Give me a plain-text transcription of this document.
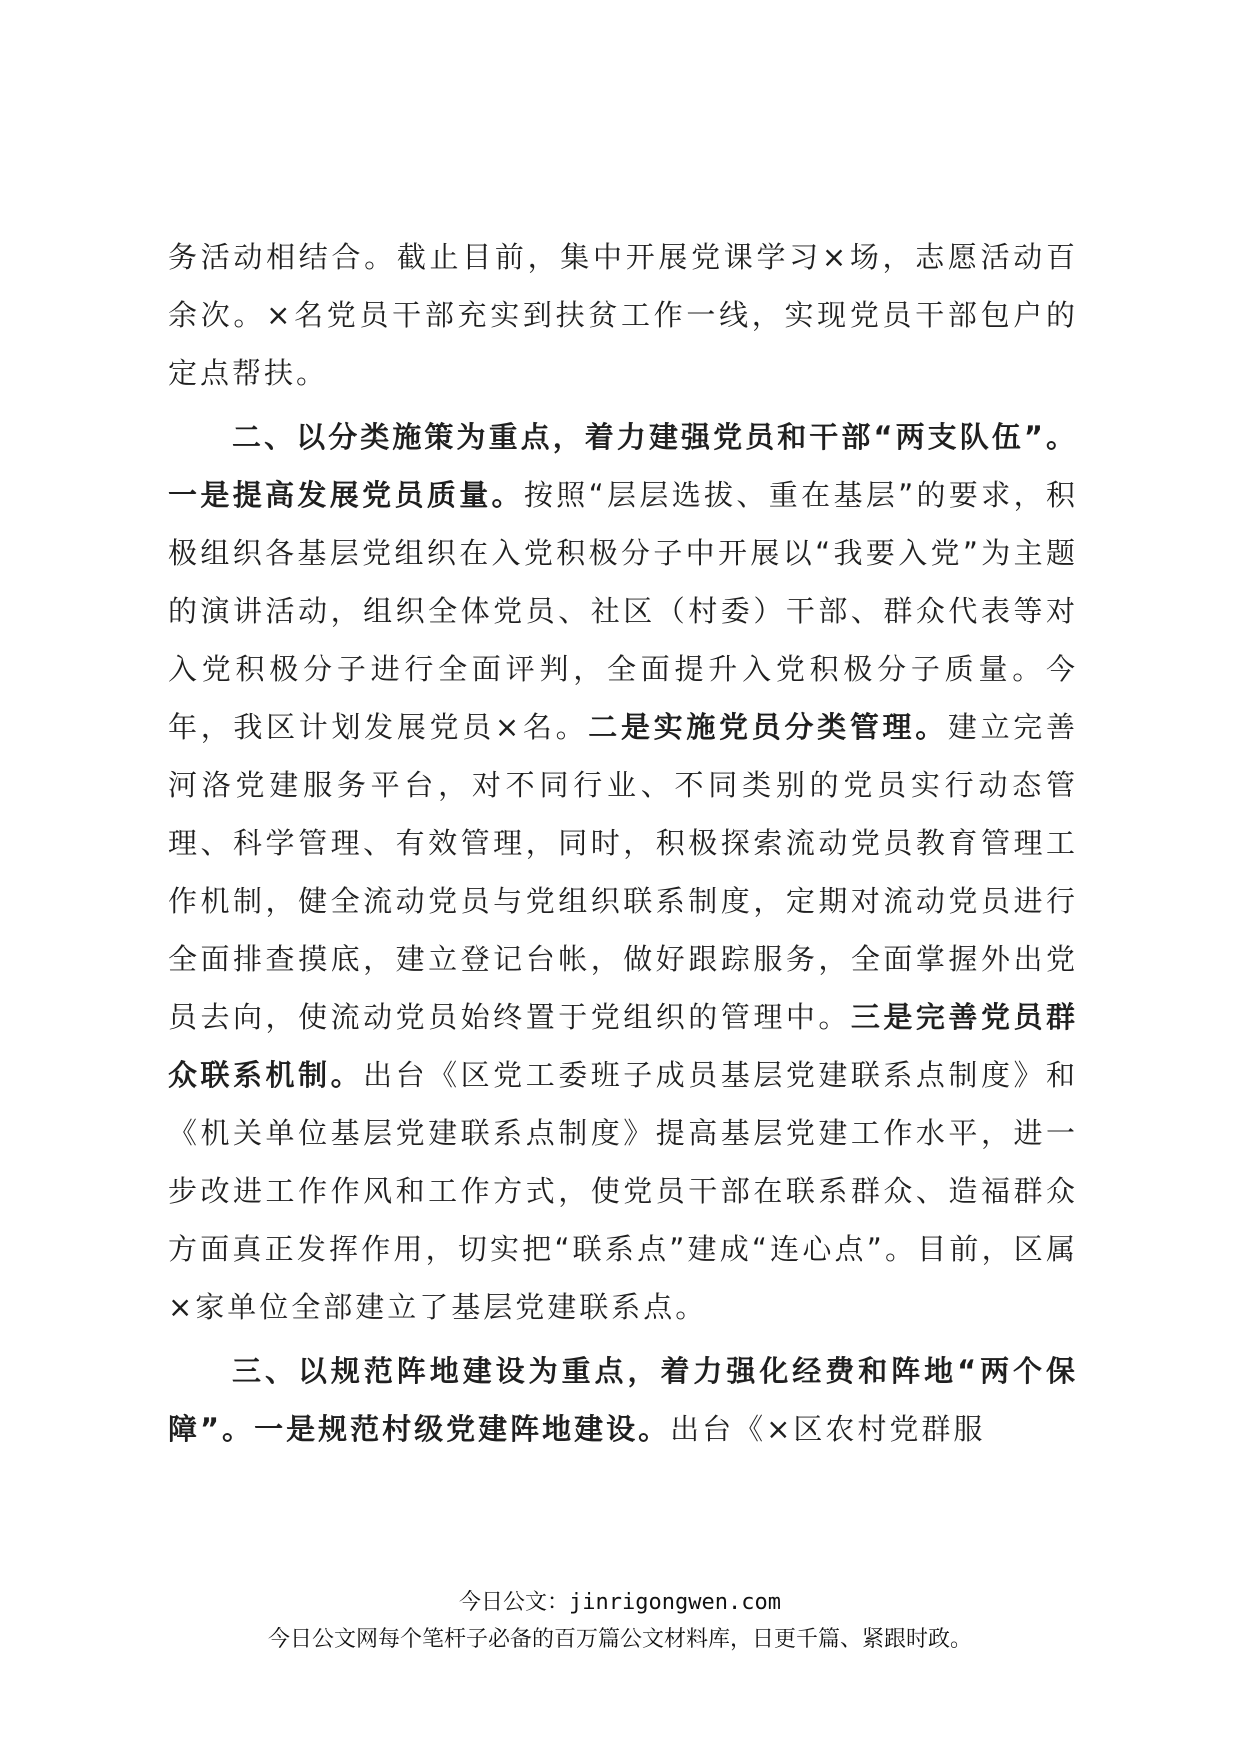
务活动相结合。截止目前，集中开展党课学习×场，志愿活动百余次。×名党员干部充实到扶贫工作一线，实现党员干部包户的定点帮扶。

二、以分类施策为重点，着力建强党员和干部“两支队伍”。一是提高发展党员质量。按照“层层选拔、重在基层”的要求，积极组织各基层党组织在入党积极分子中开展以“我要入党”为主题的演讲活动，组织全体党员、社区（村委）干部、群众代表等对入党积极分子进行全面评判，全面提升入党积极分子质量。今年，我区计划发展党员×名。二是实施党员分类管理。建立完善河洛党建服务平台，对不同行业、不同类别的党员实行动态管理、科学管理、有效管理，同时，积极探索流动党员教育管理工作机制，健全流动党员与党组织联系制度，定期对流动党员进行全面排查摸底，建立登记台帐，做好跟踪服务，全面掌握外出党员去向，使流动党员始终置于党组织的管理中。三是完善党员群众联系机制。出台《区党工委班子成员基层党建联系点制度》和《机关单位基层党建联系点制度》提高基层党建工作水平，进一步改进工作作风和工作方式，使党员干部在联系群众、造福群众方面真正发挥作用，切实把“联系点”建成“连心点”。目前，区属×家单位全部建立了基层党建联系点。

三、以规范阵地建设为重点，着力强化经费和阵地“两个保障”。一是规范村级党建阵地建设。出台《×区农村党群服

今日公文：jinrigongwen.com
今日公文网每个笔杆子必备的百万篇公文材料库，日更千篇、紧跟时政。
